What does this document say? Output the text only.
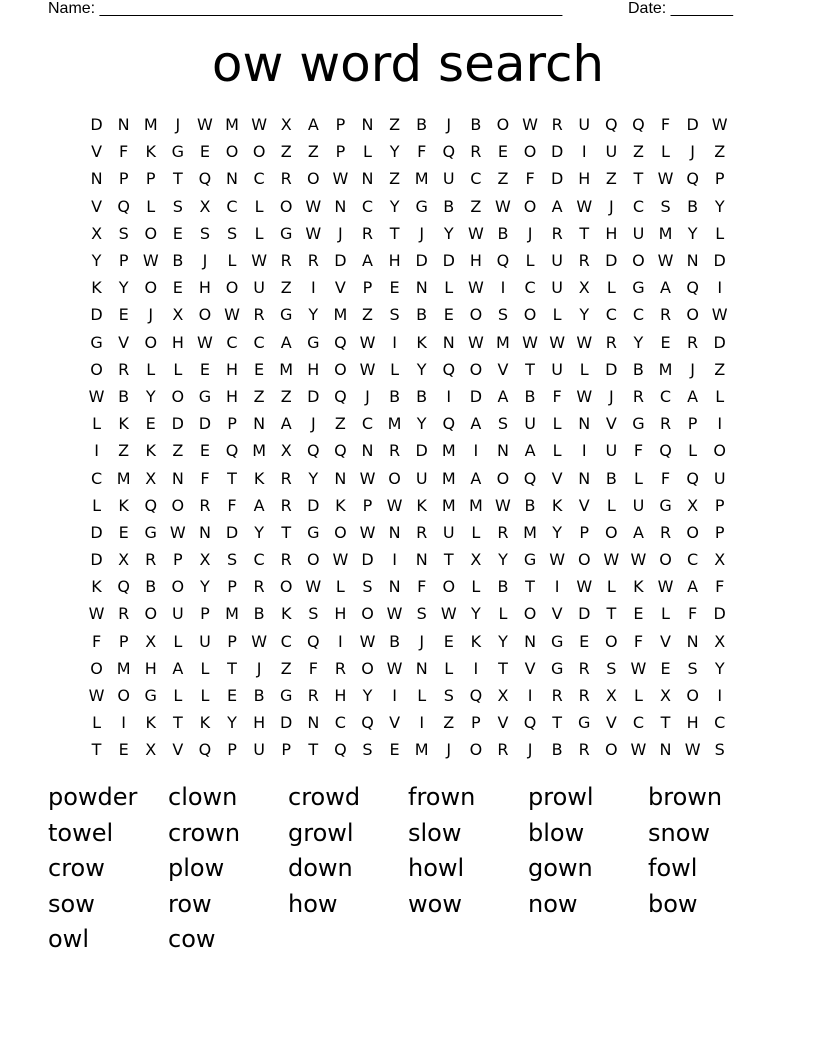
Name: ____________________________________________________	Date: _______
ow word search
D N M	J	W M W X	A	P	N Z	B	J	B O W R U Q Q	F	D W
V	F	K G E O O Z	Z	P	L	Y	F	Q R	E O D	I	U Z	L	J	Z
N	P	P	T Q N C R O W N Z M U C	Z	F	D H Z	T W Q P
V Q	L	S	X	C	L	O W N C	Y	G B	Z W O A W	J	C	S	B	Y
X	S O E	S	S	L	G W	J	R	T	J	Y W B	J	R	T	H U M Y	L
Y	P W B	J	L W R R D A H D D H Q	L	U R D O W N D
K	Y O E	H O U Z	I	V	P	E	N	L W	I	C U X	L	G A Q	I
D E	J	X O W R G	Y M Z	S	B	E O S O	L	Y	C C R O W
G V O H W C C	A G Q W	I	K N W M W W W R	Y	E	R D
O R	L	L	E	H	E M H O W L	Y Q O V	T	U	L	D B M	J	Z
W B	Y O G H Z	Z D Q	J	B	B	I	D A	B	F W	J	R C	A	L
L	K	E D D	P	N A	J	Z	C M Y Q A	S	U	L	N V G R	P	I
I	Z	K	Z	E Q M X Q Q N R D M	I	N A	L	I	U	F	Q	L	O
C M X N	F	T	K	R	Y	N W O U M A O Q V N B	L	F	Q U
L	K Q O R	F	A	R D K	P W K M M W B	K	V	L	U G X	P
D E G W N D	Y	T	G O W N R U	L	R M Y	P O A	R O P
D X	R	P	X	S	C R O W D	I	N	T	X	Y	G W O W W O C	X
K Q B O Y	P	R O W L	S	N	F	O	L	B	T	I	W L	K W A	F
W R O U	P M B	K	S	H O W S W Y	L	O V D	T	E	L	F	D
F	P	X	L	U	P W C Q	I	W B	J	E	K	Y	N G E O	F	V N X
O M H A	L	T	J	Z	F	R O W N	L	I	T	V G R	S W E	S	Y
W O G	L	L	E	B G R H	Y	I	L	S Q X	I	R R	X	L	X O	I
L	I	K	T	K	Y	H D N C Q V	I	Z	P	V Q T	G V	C	T	H C
T	E	X	V Q P	U	P	T Q S	E M	J	O R	J	B	R O W N W S
powder	clown	crowd	frown	prowl	brown
towel	crown	growl	slow	blow	snow
crow	plow	down	howl	gown	fowl
sow	row	how	wow	now	bow
owl	cow
